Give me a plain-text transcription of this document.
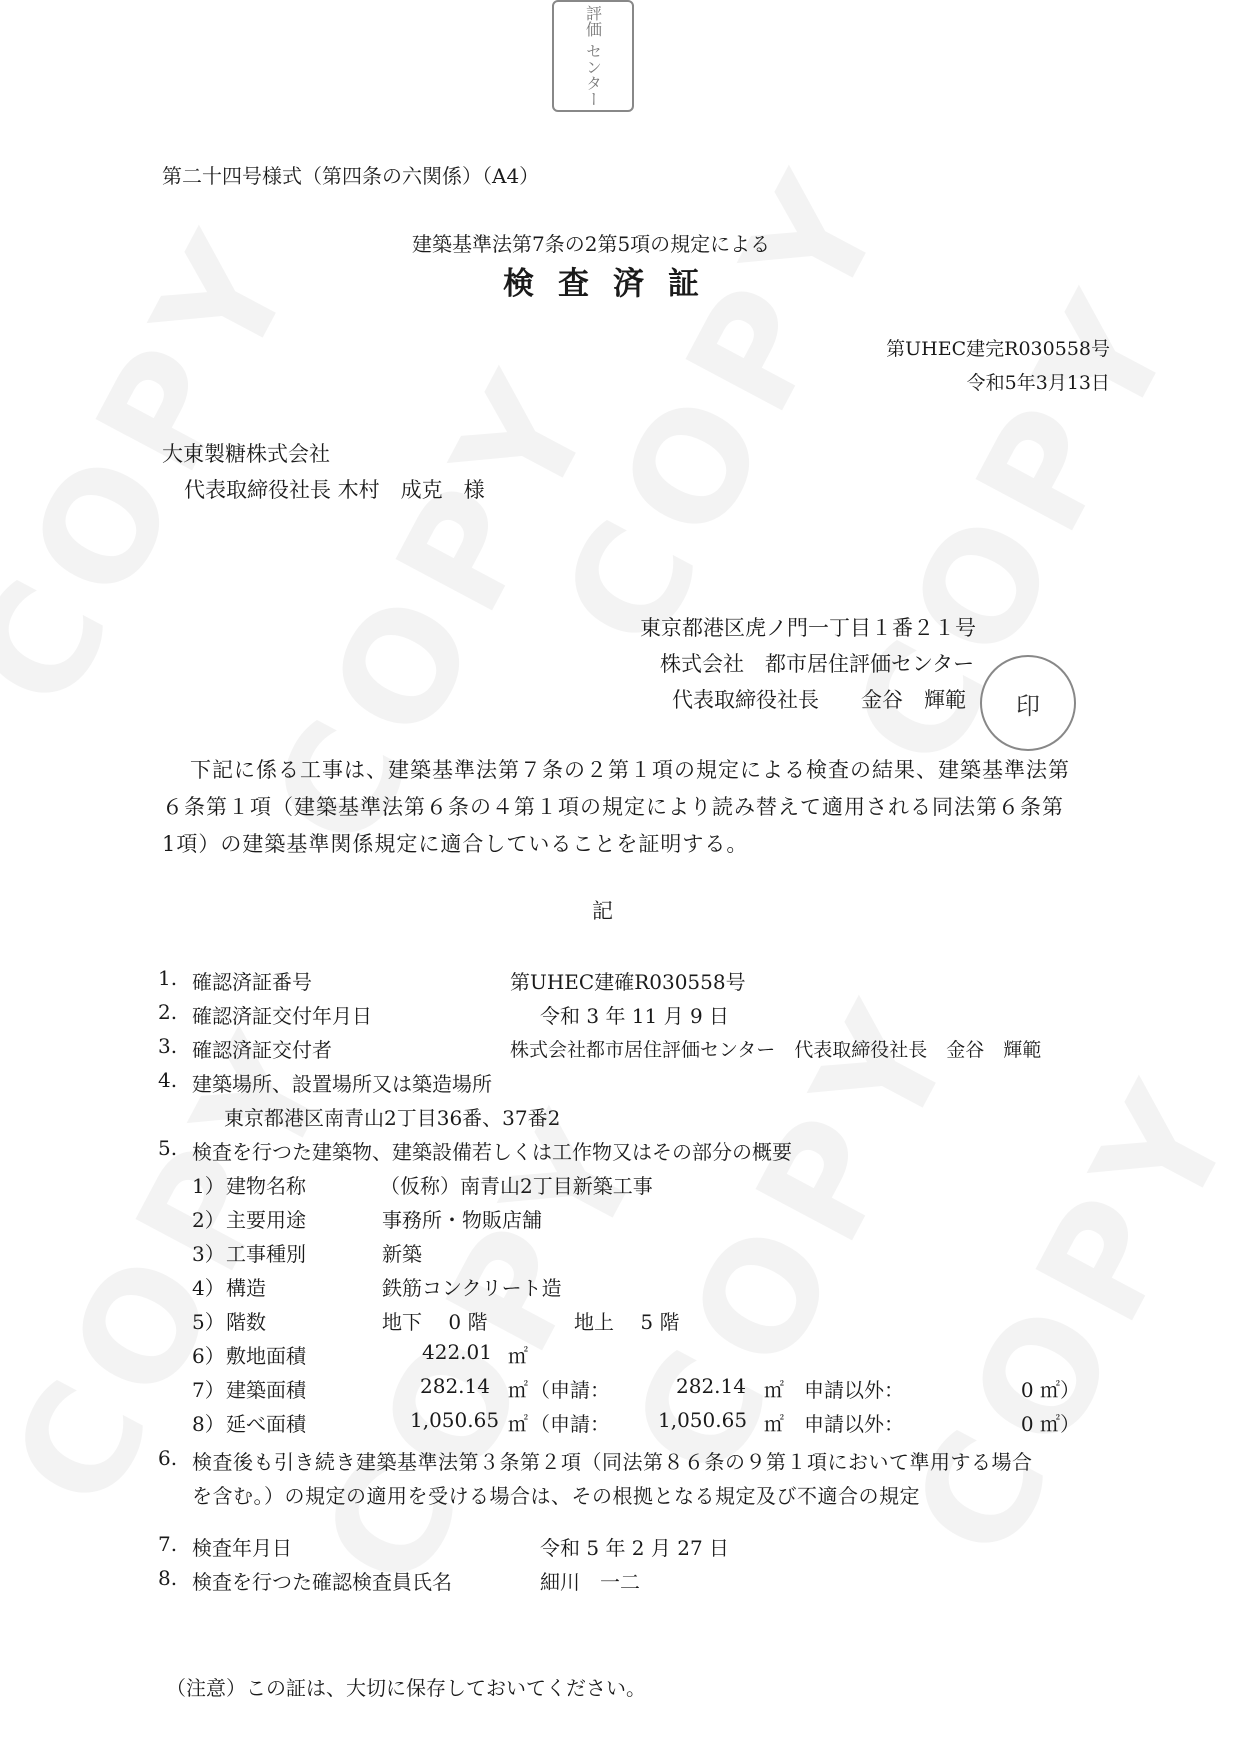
評価
センター
第二十四号様式（第四条の六関係）（A4）
建築基準法第7条の2第5項の規定による
検査済証
第UHEC建完R030558号
令和5年3月13日
大東製糖株式会社
代表取締役社長 木村　成克　様
東京都港区虎ノ門一丁目１番２１号
株式会社　都市居住評価センター
代表取締役社長　　金谷　輝範 印
下記に係る工事は、建築基準法第７条の２第１項の規定による検査の結果、建築基準法第
６条第１項（建築基準法第６条の４第１項の規定により読み替えて適用される同法第６条第
1項）の建築基準関係規定に適合していることを証明する。
記
1. 確認済証番号	第UHEC建確R030558号
2. 確認済証交付年月日	令和 3 年 11 月 9 日
3. 確認済証交付者	株式会社都市居住評価センター　代表取締役社長　金谷　輝範
4. 建築場所、設置場所又は築造場所
東京都港区南青山2丁目36番、37番2
5. 検査を行つた建築物、建築設備若しくは工作物又はその部分の概要
1） 建物名称	（仮称）南青山2丁目新築工事
2） 主要用途	事務所・物販店舗
3） 工事種別	新築
4） 構造	鉄筋コンクリート造
5） 階数	地下　 0 階	地上　 5 階
6） 敷地面積	422.01 ㎡
7） 建築面積	282.14 ㎡ （申請：	282.14 ㎡ 申請以外：	0 ㎡）
8） 延べ面積	1,050.65 ㎡ （申請： 1,050.65 ㎡ 申請以外：	0 ㎡）
6. 検査後も引き続き建築基準法第３条第２項（同法第８６条の９第１項において準用する場合
を含む。）の規定の適用を受ける場合は、その根拠となる規定及び不適合の規定
7. 検査年月日	令和 5 年 2 月 27 日
8. 検査を行つた確認検査員氏名	細川　一二
（注意）この証は、大切に保存しておいてください。
